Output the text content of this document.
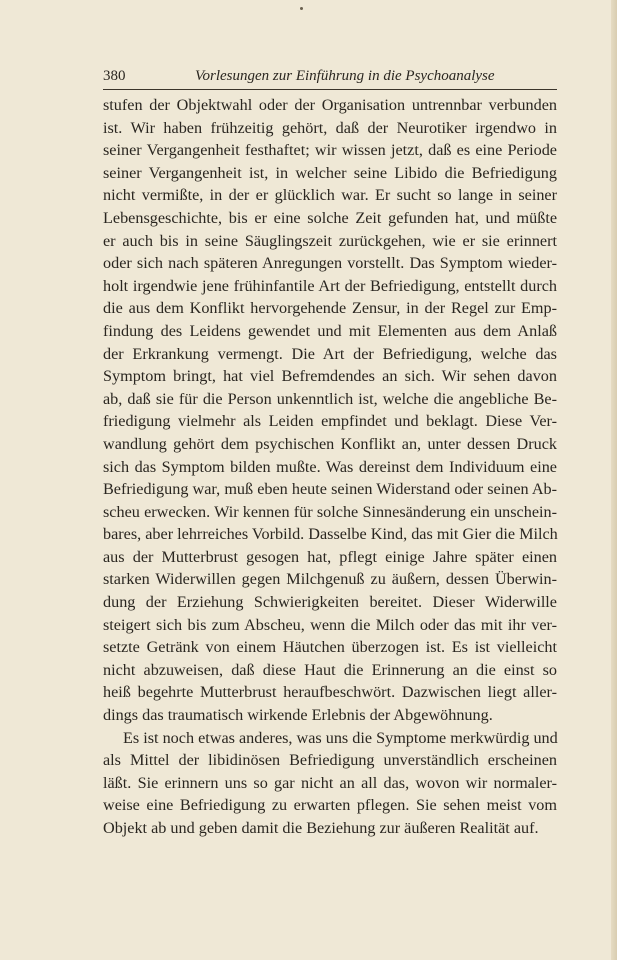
380	Vorlesungen zur Einführung in die Psychoanalyse

stufen der Objektwahl oder der Organisation untrennbar verbunden
ist. Wir haben frühzeitig gehört, daß der Neurotiker irgendwo in
seiner Vergangenheit festhaftet; wir wissen jetzt, daß es eine Periode
seiner Vergangenheit ist, in welcher seine Libido die Befriedigung
nicht vermißte, in der er glücklich war. Er sucht so lange in seiner
Lebensgeschichte, bis er eine solche Zeit gefunden hat, und müßte
er auch bis in seine Säuglingszeit zurückgehen, wie er sie erinnert
oder sich nach späteren Anregungen vorstellt. Das Symptom wieder-
holt irgendwie jene frühinfantile Art der Befriedigung, entstellt durch
die aus dem Konflikt hervorgehende Zensur, in der Regel zur Emp-
findung des Leidens gewendet und mit Elementen aus dem Anlaß
der Erkrankung vermengt. Die Art der Befriedigung, welche das
Symptom bringt, hat viel Befremdendes an sich. Wir sehen davon
ab, daß sie für die Person unkenntlich ist, welche die angebliche Be-
friedigung vielmehr als Leiden empfindet und beklagt. Diese Ver-
wandlung gehört dem psychischen Konflikt an, unter dessen Druck
sich das Symptom bilden mußte. Was dereinst dem Individuum eine
Befriedigung war, muß eben heute seinen Widerstand oder seinen Ab-
scheu erwecken. Wir kennen für solche Sinnesänderung ein unschein-
bares, aber lehrreiches Vorbild. Dasselbe Kind, das mit Gier die Milch
aus der Mutterbrust gesogen hat, pflegt einige Jahre später einen
starken Widerwillen gegen Milchgenuß zu äußern, dessen Überwin-
dung der Erziehung Schwierigkeiten bereitet. Dieser Widerwille
steigert sich bis zum Abscheu, wenn die Milch oder das mit ihr ver-
setzte Getränk von einem Häutchen überzogen ist. Es ist vielleicht
nicht abzuweisen, daß diese Haut die Erinnerung an die einst so
heiß begehrte Mutterbrust heraufbeschwört. Dazwischen liegt aller-
dings das traumatisch wirkende Erlebnis der Abgewöhnung.

Es ist noch etwas anderes, was uns die Symptome merkwürdig und
als Mittel der libidinösen Befriedigung unverständlich erscheinen
läßt. Sie erinnern uns so gar nicht an all das, wovon wir normaler-
weise eine Befriedigung zu erwarten pflegen. Sie sehen meist vom
Objekt ab und geben damit die Beziehung zur äußeren Realität auf.
